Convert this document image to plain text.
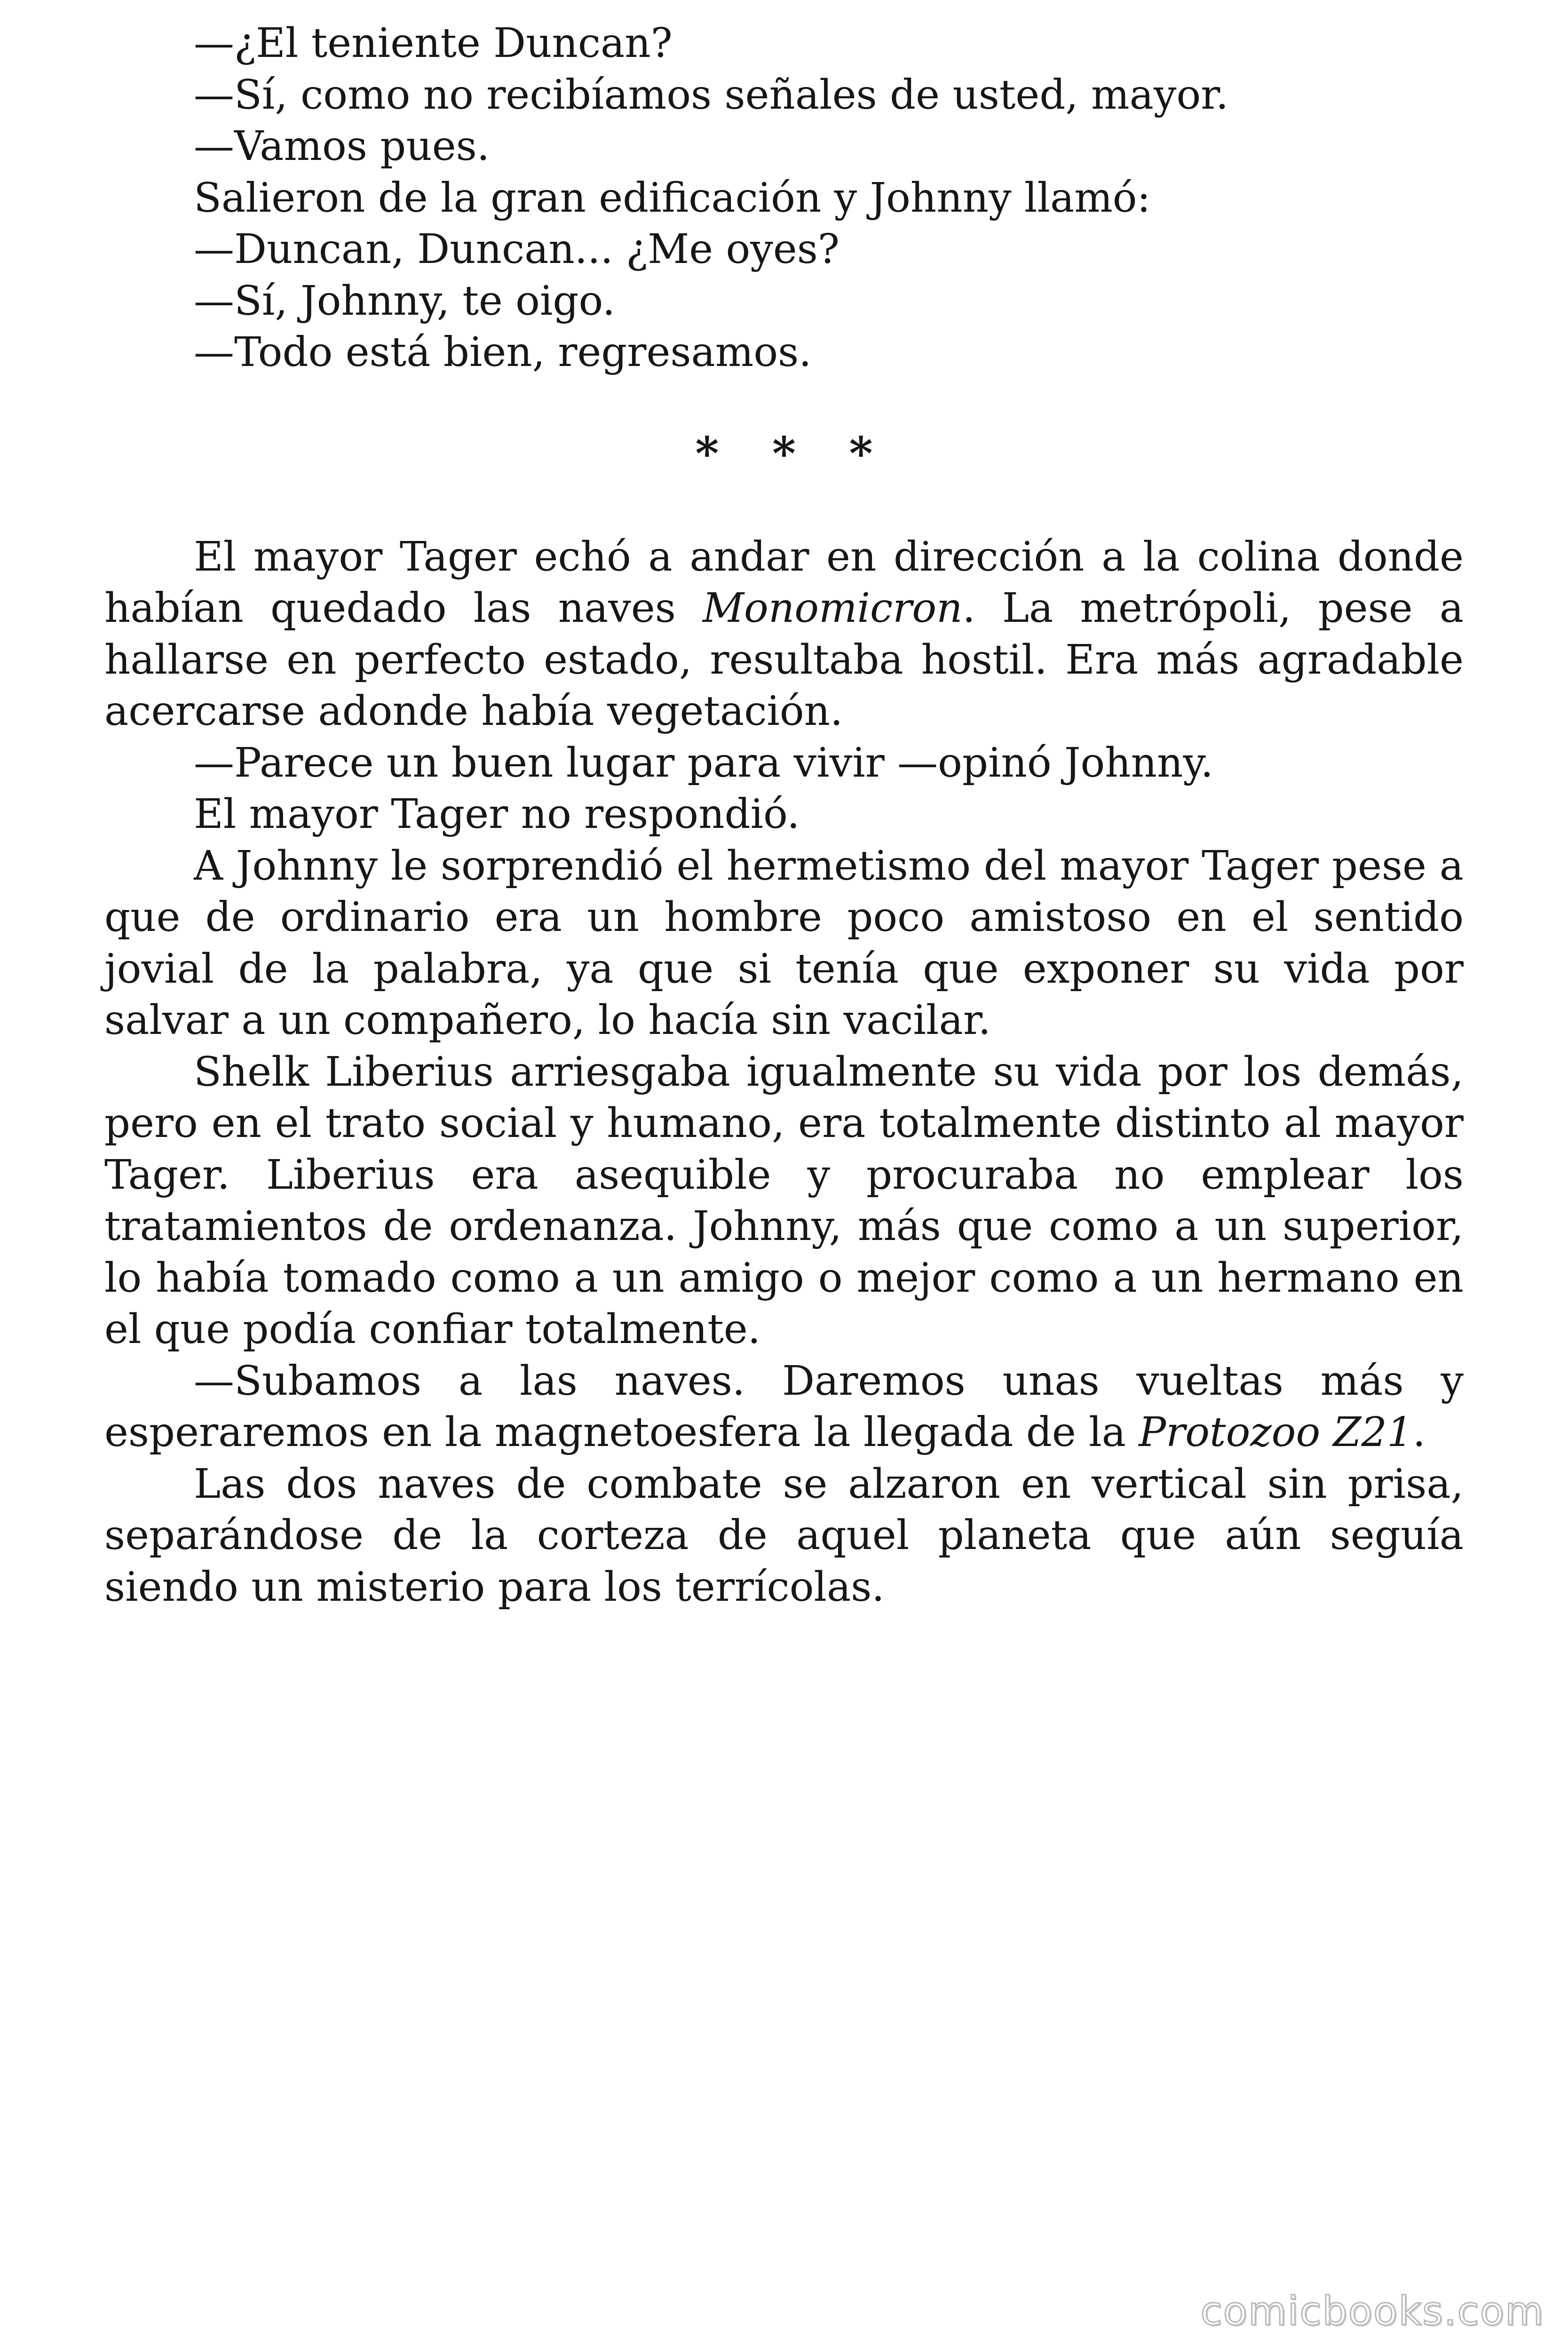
—¿El teniente Duncan?

—Sí, como no recibíamos señales de usted, mayor.

—Vamos pues.

Salieron de la gran edificación y Johnny llamó:

—Duncan, Duncan... ¿Me oyes?

—Sí, Johnny, te oigo.

—Todo está bien, regresamos.

* * *

El mayor Tager echó a andar en dirección a la colina donde habían quedado las naves Monomicron. La metrópoli, pese a hallarse en perfecto estado, resultaba hostil. Era más agradable acercarse adonde había vegetación.

—Parece un buen lugar para vivir —opinó Johnny.

El mayor Tager no respondió.

A Johnny le sorprendió el hermetismo del mayor Tager pese a que de ordinario era un hombre poco amistoso en el sentido jovial de la palabra, ya que si tenía que exponer su vida por salvar a un compañero, lo hacía sin vacilar.

Shelk Liberius arriesgaba igualmente su vida por los demás, pero en el trato social y humano, era totalmente distinto al mayor Tager. Liberius era asequible y procuraba no emplear los tratamientos de ordenanza. Johnny, más que como a un superior, lo había tomado como a un amigo o mejor como a un hermano en el que podía confiar totalmente.

—Subamos a las naves. Daremos unas vueltas más y esperaremos en la magnetoesfera la llegada de la Protozoo Z21.

Las dos naves de combate se alzaron en vertical sin prisa, separándose de la corteza de aquel planeta que aún seguía siendo un misterio para los terrícolas.

comicbooks.com
